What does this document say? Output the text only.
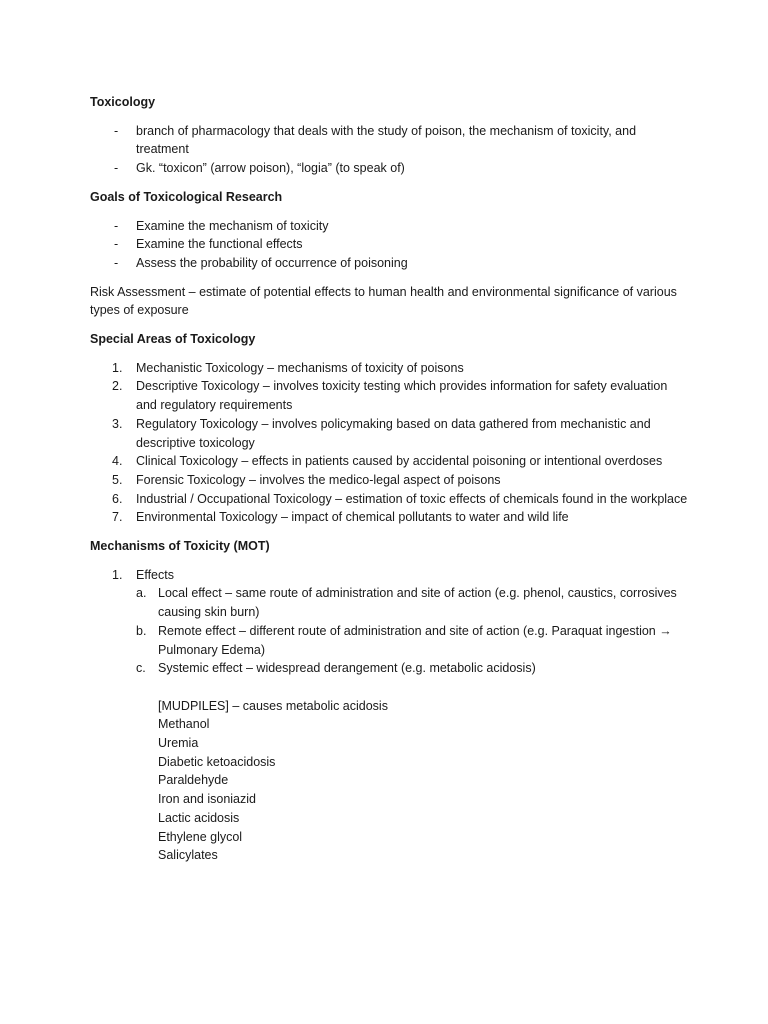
Toxicology

- branch of pharmacology that deals with the study of poison, the mechanism of toxicity, and treatment
- Gk. “toxicon” (arrow poison), “logia” (to speak of)

Goals of Toxicological Research

- Examine the mechanism of toxicity
- Examine the functional effects
- Assess the probability of occurrence of poisoning

Risk Assessment – estimate of potential effects to human health and environmental significance of various types of exposure

Special Areas of Toxicology

1. Mechanistic Toxicology – mechanisms of toxicity of poisons
2. Descriptive Toxicology – involves toxicity testing which provides information for safety evaluation and regulatory requirements
3. Regulatory Toxicology – involves policymaking based on data gathered from mechanistic and descriptive toxicology
4. Clinical Toxicology – effects in patients caused by accidental poisoning or intentional overdoses
5. Forensic Toxicology – involves the medico-legal aspect of poisons
6. Industrial / Occupational Toxicology – estimation of toxic effects of chemicals found in the workplace
7. Environmental Toxicology – impact of chemical pollutants to water and wild life

Mechanisms of Toxicity (MOT)

1. Effects
a. Local effect – same route of administration and site of action (e.g. phenol, caustics, corrosives causing skin burn)
b. Remote effect – different route of administration and site of action (e.g. Paraquat ingestion → Pulmonary Edema)
c. Systemic effect – widespread derangement (e.g. metabolic acidosis)

[MUDPILES] – causes metabolic acidosis

Methanol

Uremia

Diabetic ketoacidosis

Paraldehyde

Iron and isoniazid

Lactic acidosis

Ethylene glycol

Salicylates
